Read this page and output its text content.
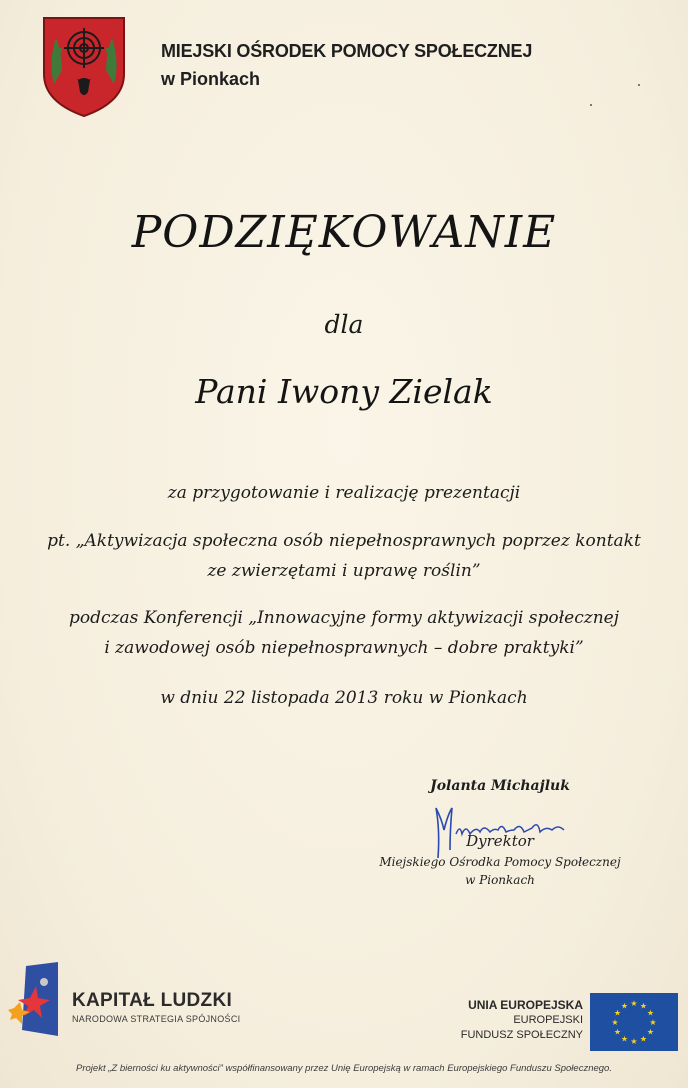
MIEJSKI OŚRODEK POMOCY SPOŁECZNEJ
w Pionkach
PODZIĘKOWANIE
dla
Pani Iwony Zielak
za przygotowanie i realizację prezentacji
pt. „Aktywizacja społeczna osób niepełnosprawnych poprzez kontakt
ze zwierzętami i uprawę roślin”
podczas Konferencji „Innowacyjne formy aktywizacji społecznej
i zawodowej osób niepełnosprawnych – dobre praktyki”
w dniu 22 listopada 2013 roku w Pionkach
Jolanta Michajluk
Dyrektor
Miejskiego Ośrodka Pomocy Społecznej
w Pionkach
KAPITAŁ LUDZKI
NARODOWA STRATEGIA SPÓJNOŚCI
UNIA EUROPEJSKA
EUROPEJSKI
FUNDUSZ SPOŁECZNY
★ ★
★
★
★
★
★
★
★
★
★
★
Projekt „Z bierności ku aktywności” współfinansowany przez Unię Europejską w ramach Europejskiego Funduszu Społecznego.
